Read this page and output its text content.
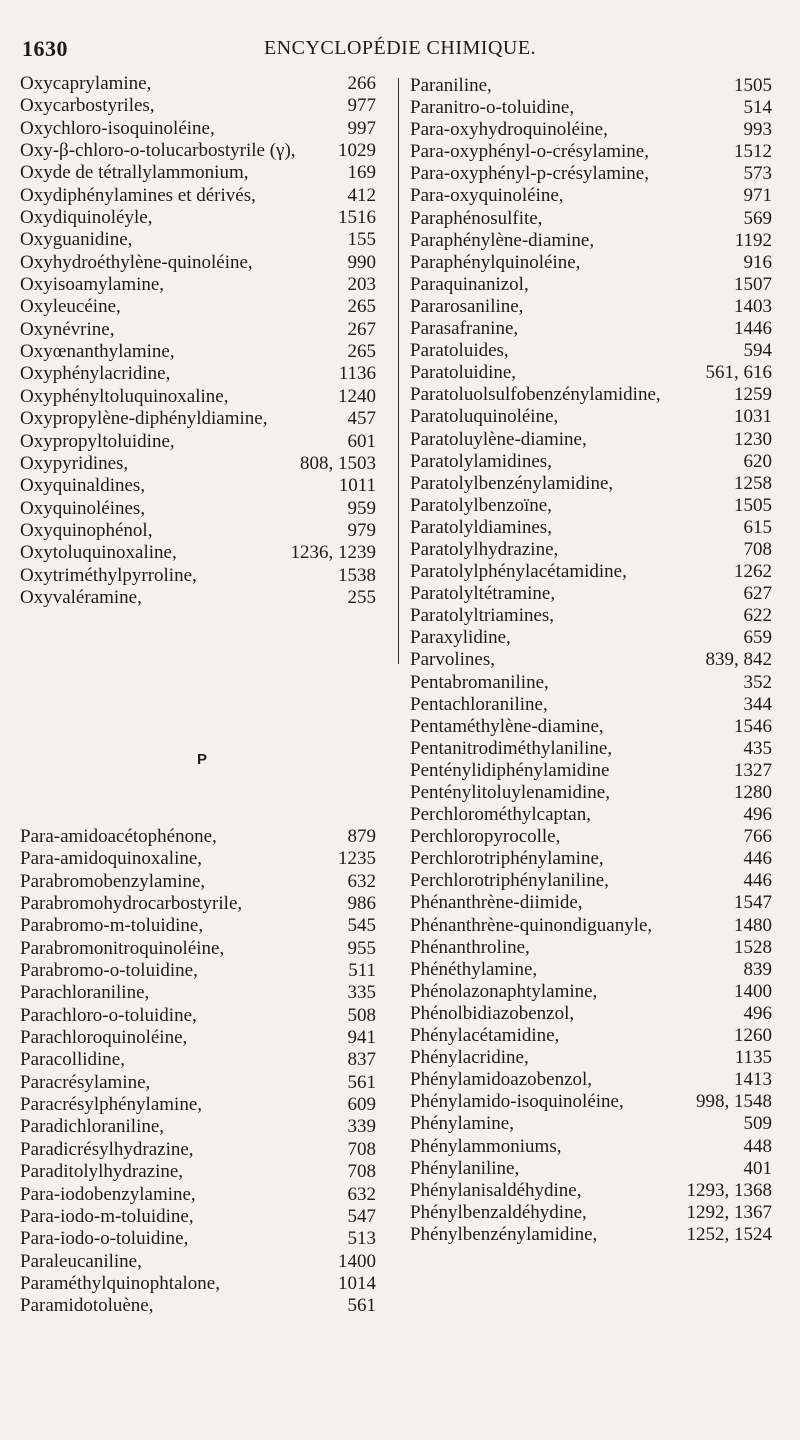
1630	ENCYCLOPÉDIE CHIMIQUE.
Oxycaprylamine,	266
Oxycarbostyriles,	977
Oxychloro-isoquinoléine,	997
Oxy-β-chloro-o-tolucarbostyrile (γ), 1029
Oxyde de tétrallylammonium,	169
Oxydiphénylamines et dérivés,	412
Oxydiquinoléyle,	1516
Oxyguanidine,	155
Oxyhydroéthylène-quinoléine,	990
Oxyisoamylamine,	203
Oxyleucéine,	265
Oxynévrine,	267
Oxyœnanthylamine,	265
Oxyphénylacridine,	1136
Oxyphényltoluquinoxaline,	1240
Oxypropylène-diphényldiamine,	457
Oxypropyltoluidine,	601
Oxypyridines,	808, 1503
Oxyquinaldines,	1011
Oxyquinoléines,	959
Oxyquinophénol,	979
Oxytoluquinoxaline,	1236, 1239
Oxytriméthylpyrroline,	1538
Oxyvaléramine,	255
P
Para-amidoacétophénone,	879
Para-amidoquinoxaline,	1235
Parabromobenzylamine,	632
Parabromohydrocarbostyrile,	986
Parabromo-m-toluidine,	545
Parabromonitroquinoléine,	955
Parabromo-o-toluidine,	511
Parachloraniline,	335
Parachloro-o-toluidine,	508
Parachloroquinoléine,	941
Paracollidine,	837
Paracrésylamine,	561
Paracrésylphénylamine,	609
Paradichloraniline,	339
Paradicrésylhydrazine,	708
Paraditolylhydrazine,	708
Para-iodobenzylamine,	632
Para-iodo-m-toluidine,	547
Para-iodo-o-toluidine,	513
Paraleucaniline,	1400
Paraméthylquinophtalone,	1014
Paramidotoluène,	561
Paraniline,	1505
Paranitro-o-toluidine,	514
Para-oxyhydroquinoléine,	993
Para-oxyphényl-o-crésylamine,	1512
Para-oxyphényl-p-crésylamine,	573
Para-oxyquinoléine,	971
Paraphénosulfite,	569
Paraphénylène-diamine,	1192
Paraphénylquinoléine,	916
Paraquinanizol,	1507
Pararosaniline,	1403
Parasafranine,	1446
Paratoluides,	594
Paratoluidine,	561, 616
Paratoluolsulfobenzénylamidine,	1259
Paratoluquinoléine,	1031
Paratoluylène-diamine,	1230
Paratolylamidines,	620
Paratolylbenzénylamidine,	1258
Paratolylbenzoïne,	1505
Paratolyldiamines,	615
Paratolylhydrazine,	708
Paratolylphénylacétamidine,	1262
Paratolyltétramine,	627
Paratolyltriamines,	622
Paraxylidine,	659
Parvolines,	839, 842
Pentabromaniline,	352
Pentachloraniline,	344
Pentaméthylène-diamine,	1546
Pentanitrodiméthylaniline,	435
Penténylidiphénylamidine	1327
Penténylitoluylenamidine,	1280
Perchlorométhylcaptan,	496
Perchloropyrocolle,	766
Perchlorotriphénylamine,	446
Perchlorotriphénylaniline,	446
Phénanthrène-diimide,	1547
Phénanthrène-quinondiguanyle,	1480
Phénanthroline,	1528
Phénéthylamine,	839
Phénolazonaphtylamine,	1400
Phénolbidiazobenzol,	496
Phénylacétamidine,	1260
Phénylacridine,	1135
Phénylamidoazobenzol,	1413
Phénylamido-isoquinoléine,	998, 1548
Phénylamine,	509
Phénylammoniums,	448
Phénylaniline,	401
Phénylanisaldéhydine,	1293, 1368
Phénylbenzaldéhydine,	1292, 1367
Phénylbenzénylamidine,	1252, 1524
